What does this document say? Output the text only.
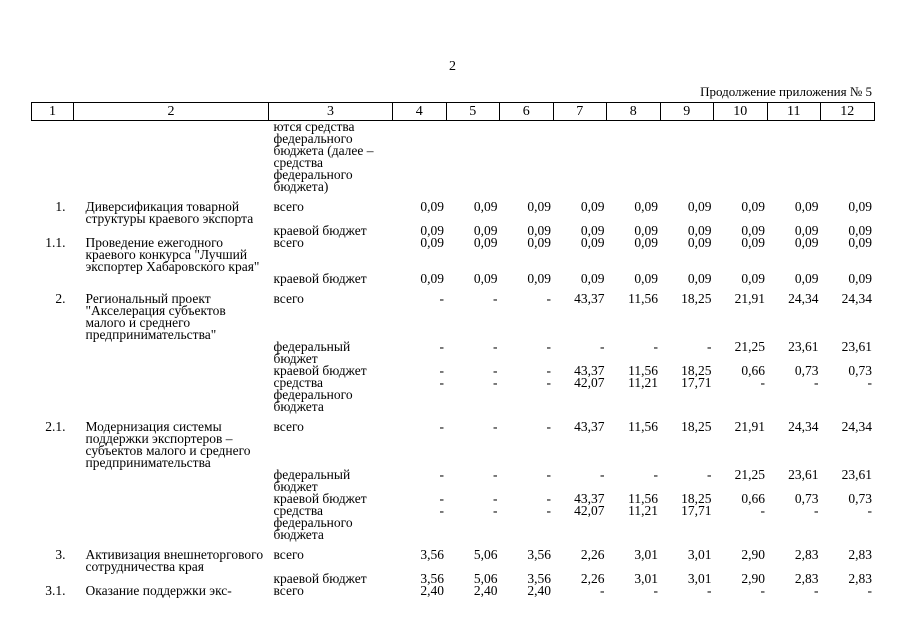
2
Продолжение приложения № 5
1	2	3	4	5	6	7	8	9	10	11	12
		ются средства федерального бюджета (далее – средства федерального бюджета)									
1.	Диверсификация товарной структуры краевого экспорта	всего	0,09	0,09	0,09	0,09	0,09	0,09	0,09	0,09	0,09
		краевой бюджет	0,09	0,09	0,09	0,09	0,09	0,09	0,09	0,09	0,09
1.1.	Проведение ежегодного краевого конкурса "Лучший экспортер Хабаровского края"	всего	0,09	0,09	0,09	0,09	0,09	0,09	0,09	0,09	0,09
		краевой бюджет	0,09	0,09	0,09	0,09	0,09	0,09	0,09	0,09	0,09
2.	Региональный проект "Акселерация субъектов малого и среднего предпринимательства"	всего	-	-	-	43,37	11,56	18,25	21,91	24,34	24,34
		федеральный бюджет	-	-	-	-	-	-	21,25	23,61	23,61
		краевой бюджет	-	-	-	43,37	11,56	18,25	0,66	0,73	0,73
		средства федерального бюджета	-	-	-	42,07	11,21	17,71	-	-	-
2.1.	Модернизация системы поддержки экспортеров – субъектов малого и среднего предпринимательства	всего	-	-	-	43,37	11,56	18,25	21,91	24,34	24,34
		федеральный бюджет	-	-	-	-	-	-	21,25	23,61	23,61
		краевой бюджет	-	-	-	43,37	11,56	18,25	0,66	0,73	0,73
		средства федерального бюджета	-	-	-	42,07	11,21	17,71	-	-	-
3.	Активизация внешнеторгового сотрудничества края	всего	3,56	5,06	3,56	2,26	3,01	3,01	2,90	2,83	2,83
		краевой бюджет	3,56	5,06	3,56	2,26	3,01	3,01	2,90	2,83	2,83
3.1.	Оказание поддержки экс-	всего	2,40	2,40	2,40	-	-	-	-	-	-
